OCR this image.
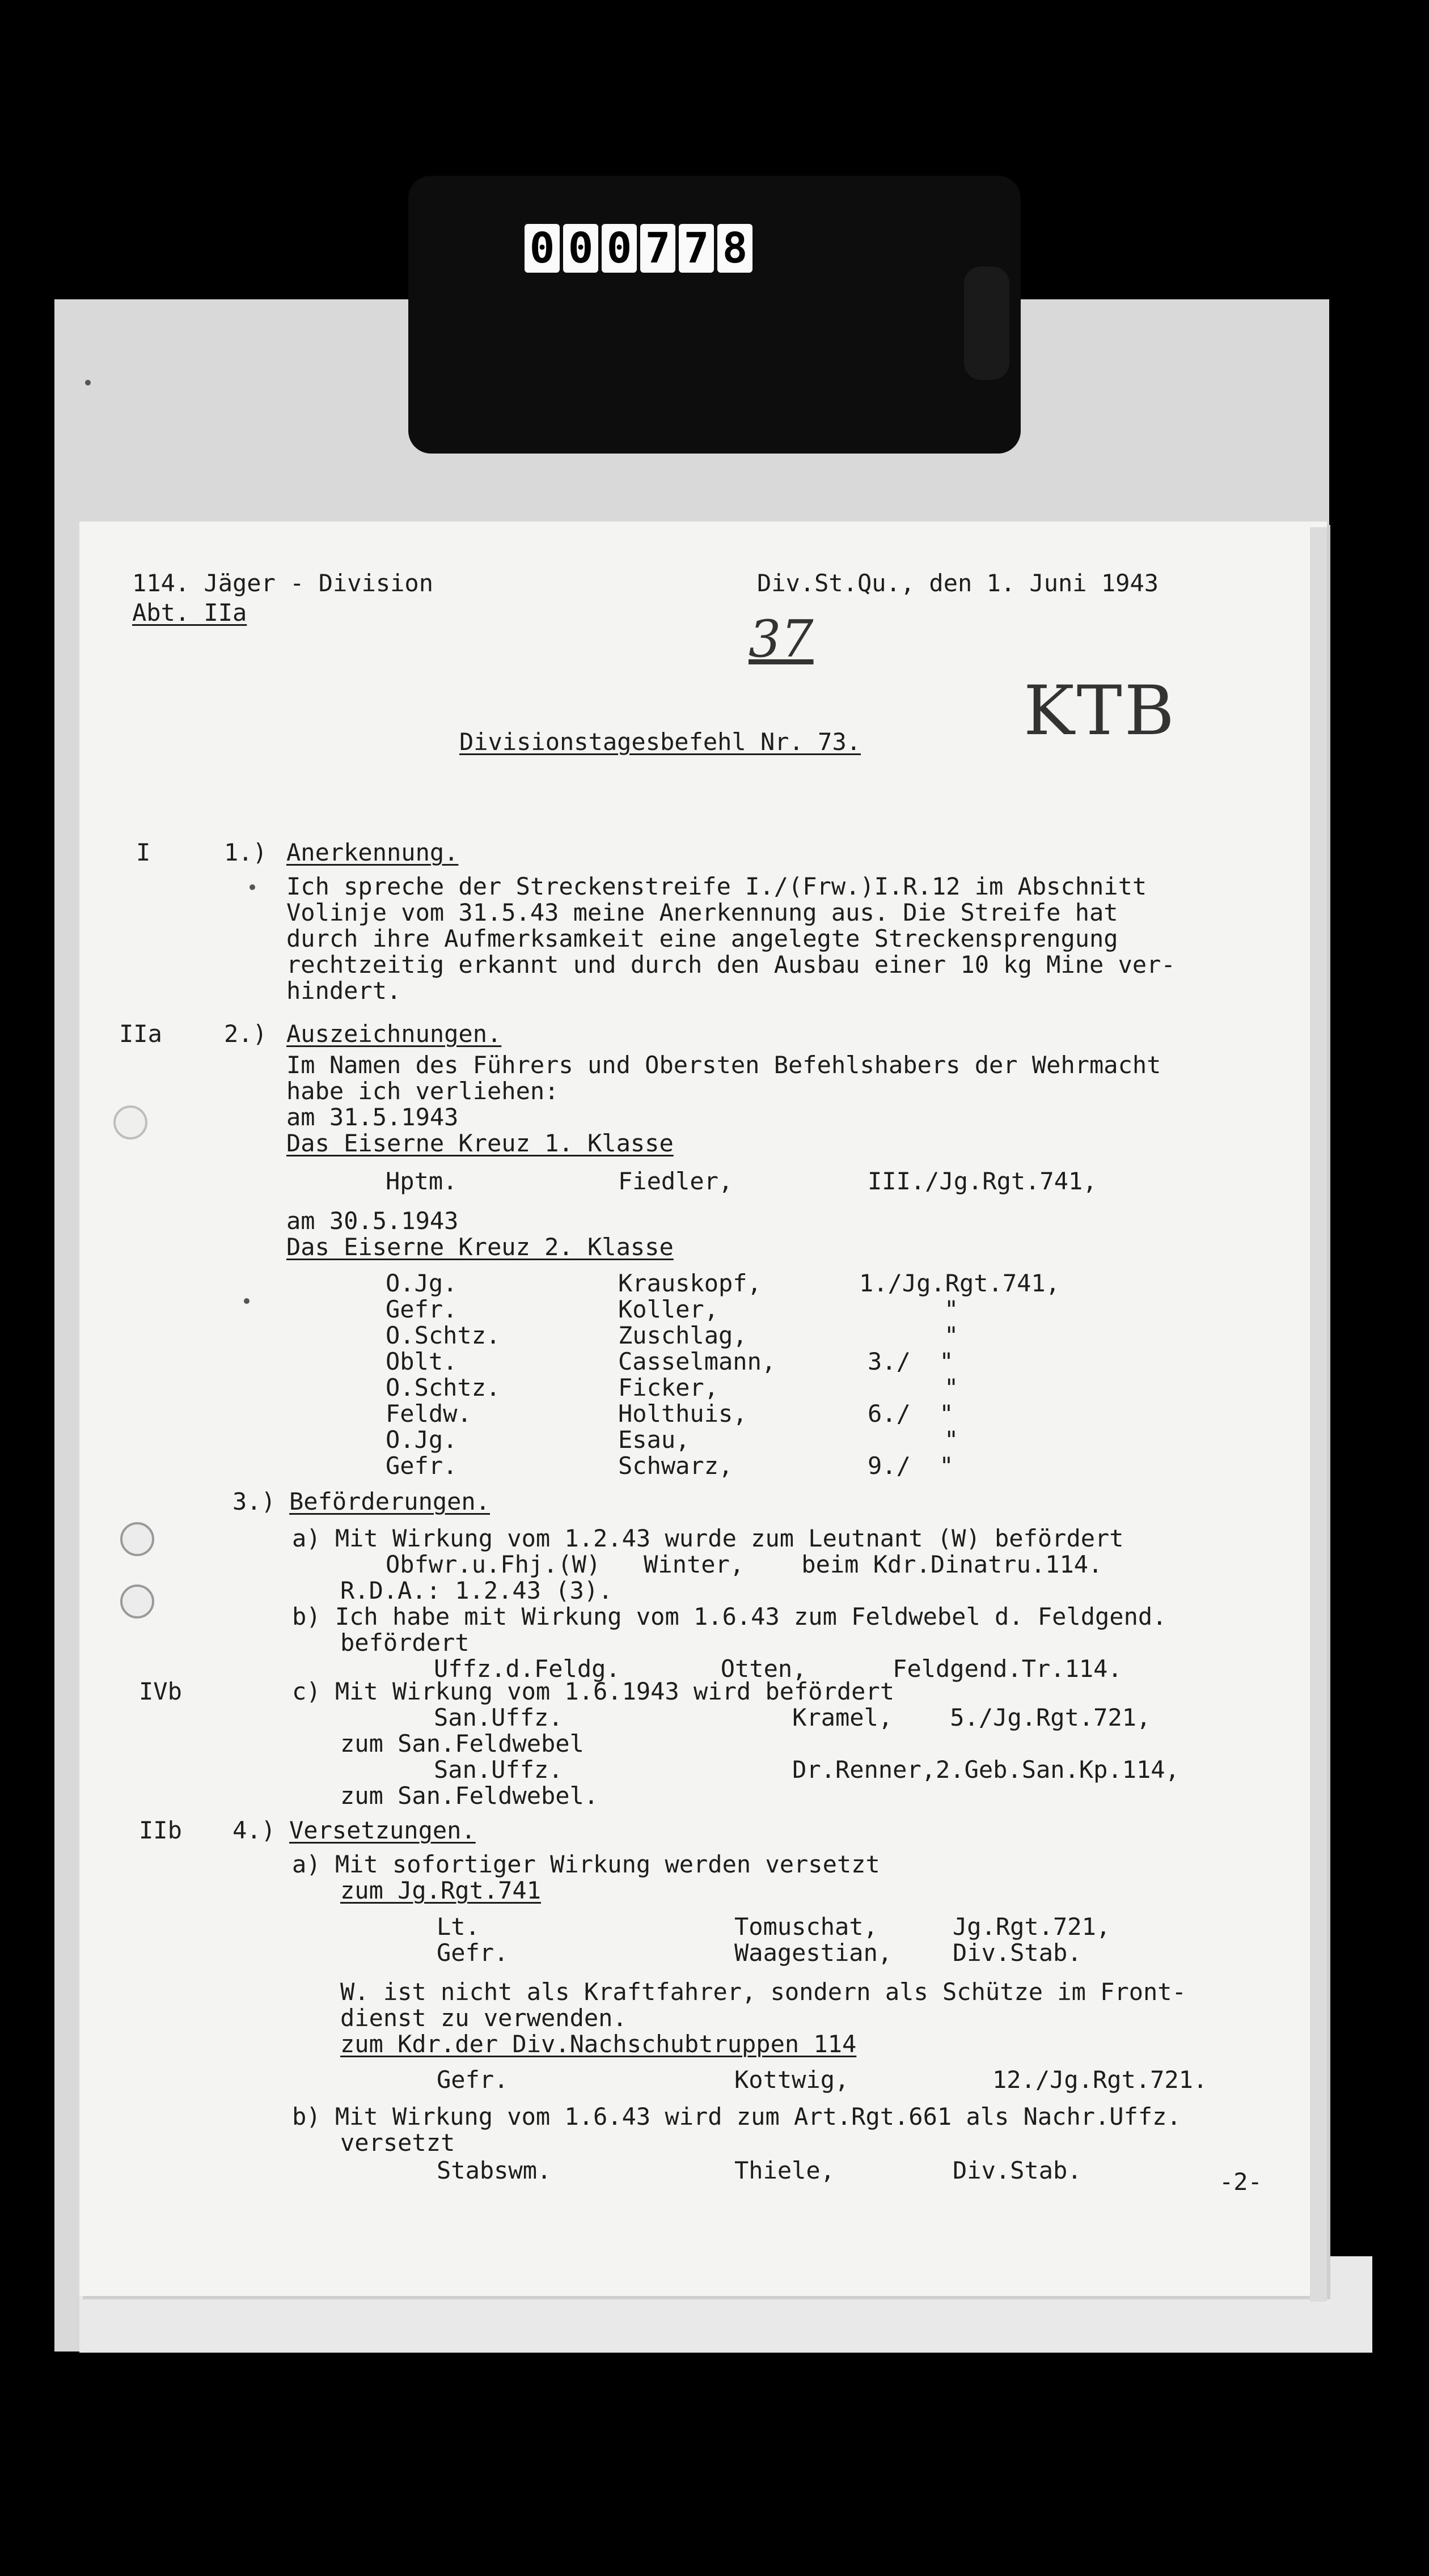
0 0 0 7 7 8
114. Jäger - Division
Abt. IIa
Div.St.Qu., den 1. Juni 1943
37
KTB
Divisionstagesbefehl Nr. 73.
I	1.) Anerkennung.
Ich spreche der Streckenstreife I./(Frw.)I.R.12 im Abschnitt
Volinje vom 31.5.43 meine Anerkennung aus. Die Streife hat
durch ihre Aufmerksamkeit eine angelegte Streckensprengung
rechtzeitig erkannt und durch den Ausbau einer 10 kg Mine ver-
hindert.
IIa	2.) Auszeichnungen.
Im Namen des Führers und Obersten Befehlshabers der Wehrmacht
habe ich verliehen:
am 31.5.1943
Das Eiserne Kreuz 1. Klasse
Hptm.	Fiedler,	III./Jg.Rgt.741,
am 30.5.1943
Das Eiserne Kreuz 2. Klasse
O.Jg.	Krauskopf,	1./Jg.Rgt.741,
Gefr.	Koller,	"
O.Schtz.	Zuschlag,	"
Oblt.	Casselmann,	3./  "
O.Schtz.	Ficker,	"
Feldw.	Holthuis,	6./  "
O.Jg.	Esau,	"
Gefr.	Schwarz,	9./  "
3.) Beförderungen.
a) Mit Wirkung vom 1.2.43 wurde zum Leutnant (W) befördert
Obfwr.u.Fhj.(W)   Winter,    beim Kdr.Dinatru.114.
R.D.A.: 1.2.43 (3).
b) Ich habe mit Wirkung vom 1.6.43 zum Feldwebel d. Feldgend.
befördert
Uffz.d.Feldg.       Otten,      Feldgend.Tr.114.
IVb	c) Mit Wirkung vom 1.6.1943 wird befördert
San.Uffz.                Kramel,    5./Jg.Rgt.721,
zum San.Feldwebel
San.Uffz.                Dr.Renner,2.Geb.San.Kp.114,
zum San.Feldwebel.
IIb 4.) Versetzungen.
a) Mit sofortiger Wirkung werden versetzt
zum Jg.Rgt.741
Lt.	Tomuschat,	Jg.Rgt.721,
Gefr.	Waagestian,	Div.Stab.
W. ist nicht als Kraftfahrer, sondern als Schütze im Front-
dienst zu verwenden.
zum Kdr.der Div.Nachschubtruppen 114
Gefr.	Kottwig,	12./Jg.Rgt.721.
b) Mit Wirkung vom 1.6.43 wird zum Art.Rgt.661 als Nachr.Uffz.
versetzt
Stabswm.	Thiele,	Div.Stab.	-2-
